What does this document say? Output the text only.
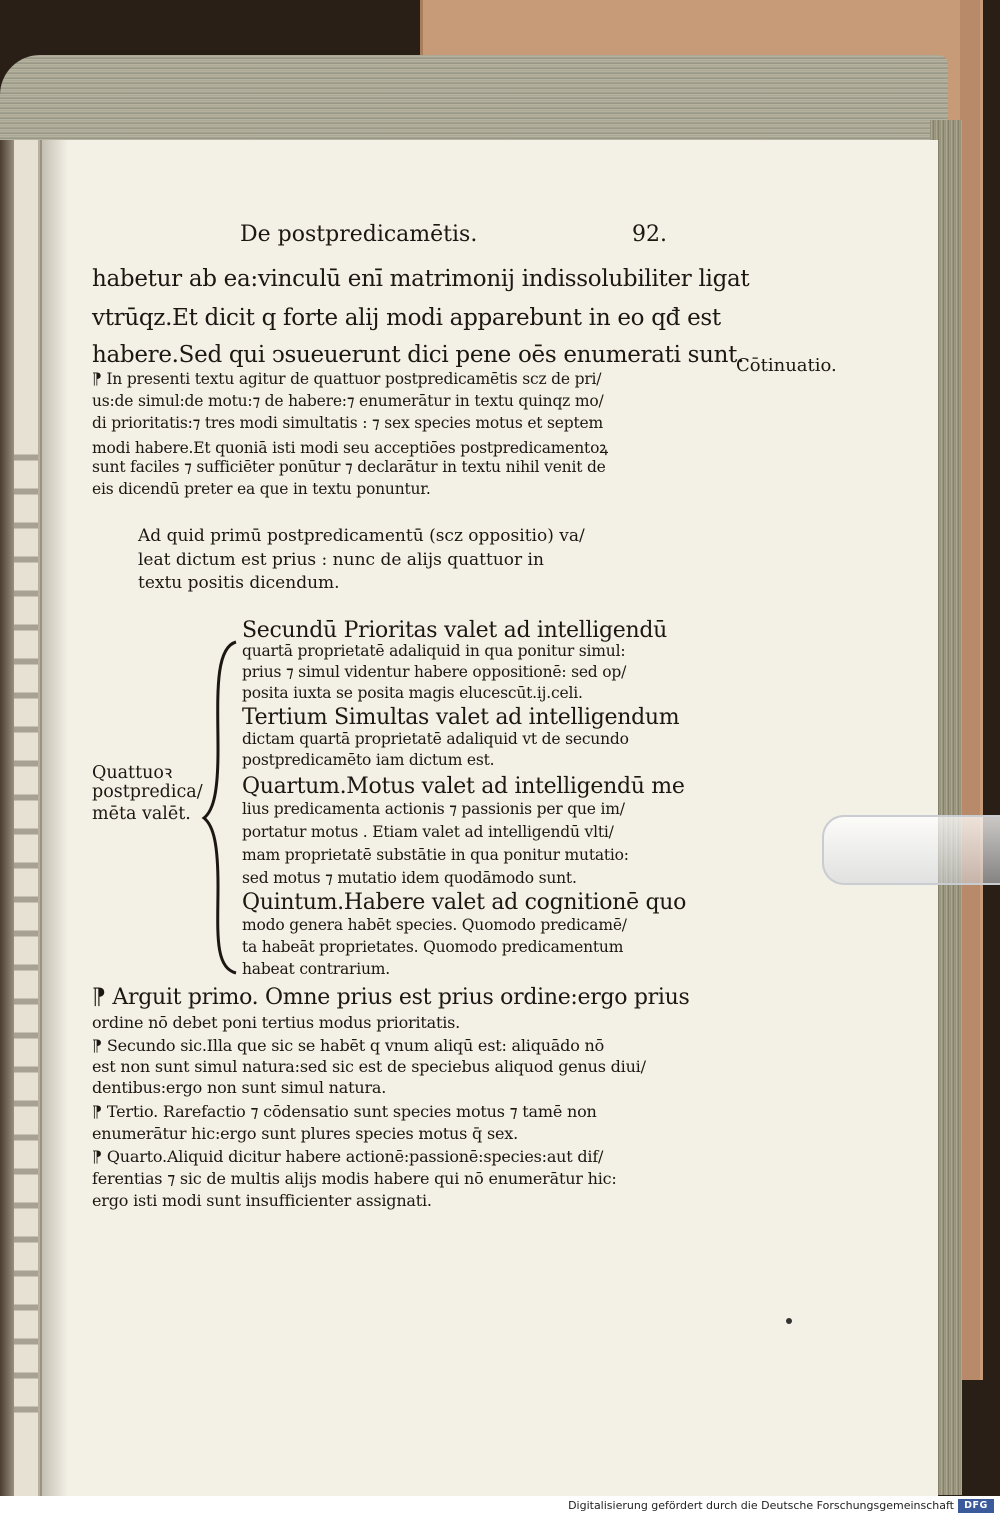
De postpredicamētis.	92.
habetur ab ea:vinculū enī matrimonij indissolubiliter ligat
vtrūqz.Et dicit q forte alij modi apparebunt in eo qđ est
habere.Sed qui ↄsueuerunt dici pene oēs enumerati sunt.
Cōtinuatio.
⁋ In presenti textu agitur de quattuor postpredicamētis scz de pri/
us:de simul:de motu:⁊ de habere:⁊ enumerātur in textu quinqz mo/
di prioritatis:⁊ tres modi simultatis : ⁊ sex species motus et septem
modi habere.Et quoniā isti modi seu acceptiōes postpredicamentoꝝ
sunt faciles ⁊ sufficiēter ponūtur ⁊ declarātur in textu nihil venit de
eis dicendū preter ea que in textu ponuntur.
Ad quid primū postpredicamentū (scz oppositio) va/
leat dictum est prius : nunc de alijs quattuor in
textu positis dicendum.
Quattuoꝛ
postpredica/
mēta valēt.
Secundū Prioritas valet ad intelligendū
quartā proprietatē adaliquid in qua ponitur simul:
prius ⁊ simul videntur habere oppositionē: sed op/
posita iuxta se posita magis elucescūt.ij.celi.
Tertium Simultas valet ad intelligendum
dictam quartā proprietatē adaliquid vt de secundo
postpredicamēto iam dictum est.
Quartum.Motus valet ad intelligendū me
lius predicamenta actionis ⁊ passionis per que im/
portatur motus . Etiam valet ad intelligendū vlti/
mam proprietatē substātie in qua ponitur mutatio:
sed motus ⁊ mutatio idem quodāmodo sunt.
Quintum.Habere valet ad cognitionē quo
modo genera habēt species. Quomodo predicamē/
ta habeāt proprietates. Quomodo predicamentum
habeat contrarium.
⁋ Arguit primo. Omne prius est prius ordine:ergo prius
ordine nō debet poni tertius modus prioritatis.
⁋ Secundo sic.Illa que sic se habēt q vnum aliqū est: aliquādo nō
est non sunt simul natura:sed sic est de speciebus aliquod genus diui/
dentibus:ergo non sunt simul natura.
⁋ Tertio. Rarefactio ⁊ cōdensatio sunt species motus ⁊ tamē non
enumerātur hic:ergo sunt plures species motus q̄ sex.
⁋ Quarto.Aliquid dicitur habere actionē:passionē:species:aut dif/
ferentias ⁊ sic de multis alijs modis habere qui nō enumerātur hic:
ergo isti modi sunt insufficienter assignati.
Digitalisierung gefördert durch die Deutsche Forschungsgemeinschaft	DFG
